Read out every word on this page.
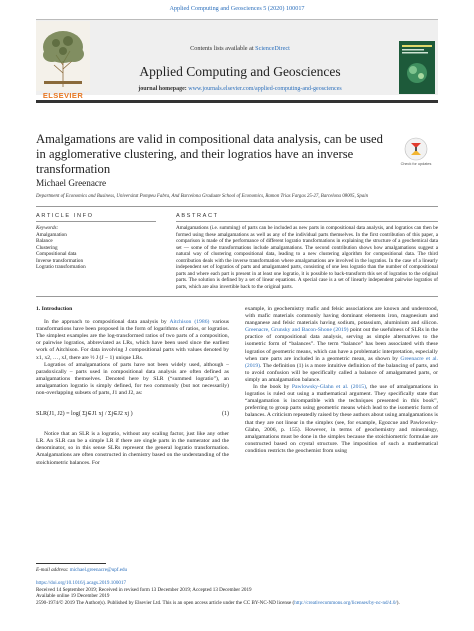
Applied Computing and Geosciences 5 (2020) 100017
ELSEVIER
Contents lists available at ScienceDirect
Applied Computing and Geosciences
journal homepage: www.journals.elsevier.com/applied-computing-and-geosciences
Amalgamations are valid in compositional data analysis, can be used in agglomerative clustering, and their logratios have an inverse transformation	Check for updates
Michael Greenacre
Department of Economics and Business, Universitat Pompeu Fabra, And Barcelona Graduate School of Economics, Ramon Trias Fargas 25-27, Barcelona 08005, Spain
ARTICLE INFO	ABSTRACT
Keywords:
Amalgamation
Balance
Clustering
Compositional data
Inverse transformation
Logratio transformation
Amalgamations (i.e. summing) of parts can be included as new parts in compositional data analysis, and logratios can then be formed using these amalgamations as well as any of the individual parts themselves. In the first contribution of this paper, a comparison is made of the performance of different logratio transformations in explaining the structure of a geochemical data set — some of the transformations include amalgamations. The second contribution shows how amalgamations suggest a natural way of clustering compositional data, leading to a new clustering algorithm for compositional data. The third contribution deals with the inverse transformation where amalgamations are involved in the logratios. In the case of a linearly independent set of logratios of parts and amalgamated parts, consisting of one less logratio than the number of compositional parts and where each part is present in at least one logratio, it is possible to back-transform this set of logratios to the original parts. The solution is defined by a set of linear equations. A special case is a set of linearly independent pairwise logratios of parts, which are also invertible back to the original parts.

1. Introduction

In the approach to compositional data analysis by Aitchison (1986) various transformations have been proposed in the form of logarithms of ratios, or logratios. The simplest examples are the log-transformed ratios of two parts of a composition, or pairwise logratios, abbreviated as LRs, which have been used since the earliest work of Aitchison. For data involving J compositional parts with values denoted by x1, x2, …, xJ, there are ½ J (J − 1) unique LRs.

Logratios of amalgamations of parts have not been widely used, although – paradoxically – parts used in compositional data analysis are often defined as amalgamations themselves. Denoted here by SLR (“summed logratio”), an amalgamation logratio is simply defined, for two commonly (but not necessarily) non-overlapping subsets of parts, J1 and J2, as:

SLR(J1, J2) = log( Σj∈J1 xj / Σj∈J2 xj )	(1)

Notice that an SLR is a logratio, without any scaling factor, just like any other LR. An SLR can be a simple LR if there are single parts in the numerator and the denominator, so in this sense SLRs represent the general logratio transformation. Amalgamations are often constructed in chemistry based on the understanding of the stoichiometric balances. For

example, in geochemistry mafic and felsic associations are known and understood, with mafic materials commonly having dominant elements iron, magnesium and manganese and felsic materials having sodium, potassium, aluminium and silicon. Greenacre, Grunsky and Bacon-Shone (2019) point out the usefulness of SLRs in the practice of compositional data analysis, serving as simple alternatives to the isometric form of “balances”. The term “balance” has been associated with these logratios of geometric means, which can have a problematic interpretation, especially when rare parts are included in a geometric mean, as shown by Greenacre et al. (2019). The definition (1) is a more intuitive definition of the balancing of parts, and to avoid confusion will be specifically called a balance of amalgamated parts, or simply an amalgamation balance.

In the book by Pawlowsky-Glahn et al. (2015), the use of amalgamations in logratios is ruled out using a mathematical argument. They specifically state that “amalgamation is incompatible with the techniques presented in this book”, preferring to group parts using geometric means which lead to the isometric form of balances. A criticism repeatedly raised by these authors about using amalgamations is that they are not linear in the simplex (see, for example, Egozcue and Pawlowsky-Glahn, 2006, p. 155). However, in terms of geochemistry and mineralogy, amalgamations must be done in the simplex because the stoichiometric formulae are constructed based on crystal structure. The imposition of such a mathematical condition restricts the geochemist from using

E-mail address: michael.greenacre@upf.edu
https://doi.org/10.1016/j.acags.2019.100017
Received 14 September 2019; Received in revised form 13 December 2019; Accepted 13 December 2019
Available online 19 December 2019
2590-1974/© 2019 The Author(s). Published by Elsevier Ltd. This is an open access article under the CC BY-NC-ND license (http://creativecommons.org/licenses/by-nc-nd/4.0/).
